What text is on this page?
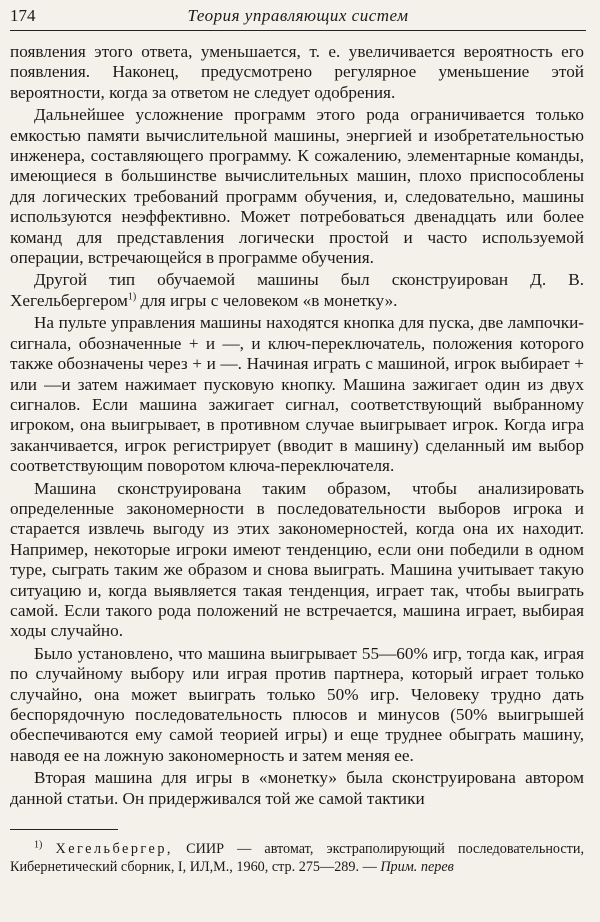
174	Теория управляющих систем

появления этого ответа, уменьшается, т. е. увеличивается вероятность его появления. Наконец, предусмотрено регулярное уменьшение этой вероятности, когда за ответом не следует одобрения.

Дальнейшее усложнение программ этого рода ограничивается только емкостью памяти вычислительной машины, энергией и изобретательностью инженера, составляющего программу. К сожалению, элементарные команды, имеющиеся в большинстве вычислительных машин, плохо приспособлены для логических требований программ обучения, и, следовательно, машины используются неэффективно. Может потребоваться двенадцать или более команд для представления логически простой и часто используемой операции, встречающейся в программе обучения.

Другой тип обучаемой машины был сконструирован Д. В. Хегельбергером$^{1)}$ для игры с человеком «в монетку».

На пульте управления машины находятся кнопка для пуска, две лампочки-сигнала, обозначенные + и —, и ключ-переключатель, положения которого также обозначены через + и —. Начиная играть с машиной, игрок выбирает + или —и затем нажимает пусковую кнопку. Машина зажигает один из двух сигналов. Если машина зажигает сигнал, соответствующий выбранному игроком, она выигрывает, в противном случае выигрывает игрок. Когда игра заканчивается, игрок регистрирует (вводит в машину) сделанный им выбор соответствующим поворотом ключа-переключателя.

Машина сконструирована таким образом, чтобы анализировать определенные закономерности в последовательности выборов игрока и старается извлечь выгоду из этих закономерностей, когда она их находит. Например, некоторые игроки имеют тенденцию, если они победили в одном туре, сыграть таким же образом и снова выиграть. Машина учитывает такую ситуацию и, когда выявляется такая тенденция, играет так, чтобы выиграть самой. Если такого рода положений не встречается, машина играет, выбирая ходы случайно.

Было установлено, что машина выигрывает 55—60% игр, тогда как, играя по случайному выбору или играя против партнера, который играет только случайно, она может выиграть только 50% игр. Человеку трудно дать беспорядочную последовательность плюсов и минусов (50% выигрышей обеспечиваются ему самой теорией игры) и еще труднее обыграть машину, наводя ее на ложную закономерность и затем меняя ее.

Вторая машина для игры в «монетку» была сконструирована автором данной статьи. Он придерживался той же самой тактики

$^{1)}$ Хегельбергер, СИИР — автомат, экстраполирующий последовательности, Кибернетический сборник, I, ИЛ,М., 1960, стр. 275—289. — Прим. перев
